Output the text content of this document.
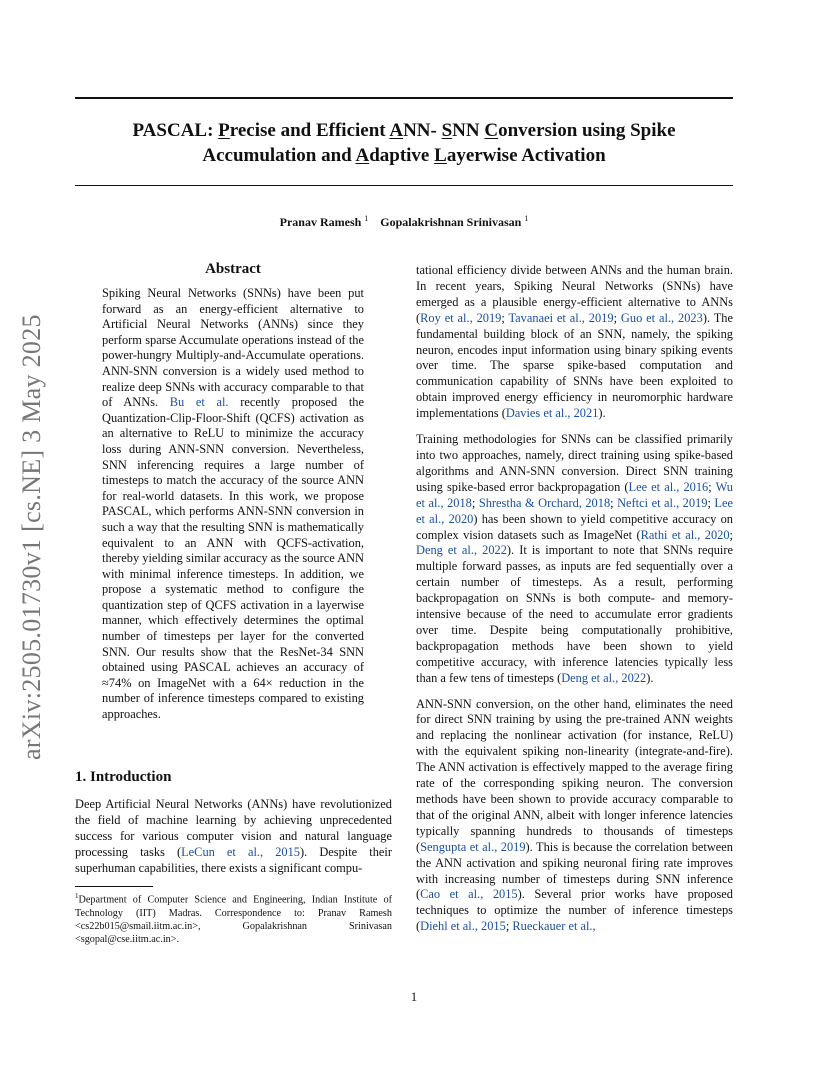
PASCAL: Precise and Efficient ANN- SNN Conversion using Spike
Accumulation and Adaptive Layerwise Activation
Pranav Ramesh $^1$ Gopalakrishnan Srinivasan $^1$
arXiv:2505.01730v1 [cs.NE] 3 May 2025
Abstract
Spiking Neural Networks (SNNs) have been put forward as an energy-efficient alternative to Artificial Neural Networks (ANNs) since they perform sparse Accumulate operations instead of the power-hungry Multiply-and-Accumulate operations. ANN-SNN conversion is a widely used method to realize deep SNNs with accuracy comparable to that of ANNs. Bu et al. recently proposed the Quantization-Clip-Floor-Shift (QCFS) activation as an alternative to ReLU to minimize the accuracy loss during ANN-SNN conversion. Nevertheless, SNN inferencing requires a large number of timesteps to match the accuracy of the source ANN for real-world datasets. In this work, we propose PASCAL, which performs ANN-SNN conversion in such a way that the resulting SNN is mathematically equivalent to an ANN with QCFS-activation, thereby yielding similar accuracy as the source ANN with minimal inference timesteps. In addition, we propose a systematic method to configure the quantization step of QCFS activation in a layerwise manner, which effectively determines the optimal number of timesteps per layer for the converted SNN. Our results show that the ResNet-34 SNN obtained using PASCAL achieves an accuracy of ≈74% on ImageNet with a 64× reduction in the number of inference timesteps compared to existing approaches.
1. Introduction
Deep Artificial Neural Networks (ANNs) have revolutionized the field of machine learning by achieving unprecedented success for various computer vision and natural language processing tasks (LeCun et al., 2015). Despite their superhuman capabilities, there exists a significant compu-
$^1$Department of Computer Science and Engineering, Indian Institute of Technology (IIT) Madras. Correspondence to: Pranav Ramesh <cs22b015@smail.iitm.ac.in>, Gopalakrishnan Srinivasan <sgopal@cse.iitm.ac.in>.

tational efficiency divide between ANNs and the human brain. In recent years, Spiking Neural Networks (SNNs) have emerged as a plausible energy-efficient alternative to ANNs (Roy et al., 2019; Tavanaei et al., 2019; Guo et al., 2023). The fundamental building block of an SNN, namely, the spiking neuron, encodes input information using binary spiking events over time. The sparse spike-based computation and communication capability of SNNs have been exploited to obtain improved energy efficiency in neuromorphic hardware implementations (Davies et al., 2021).

Training methodologies for SNNs can be classified primarily into two approaches, namely, direct training using spike-based algorithms and ANN-SNN conversion. Direct SNN training using spike-based error backpropagation (Lee et al., 2016; Wu et al., 2018; Shrestha & Orchard, 2018; Neftci et al., 2019; Lee et al., 2020) has been shown to yield competitive accuracy on complex vision datasets such as ImageNet (Rathi et al., 2020; Deng et al., 2022). It is important to note that SNNs require multiple forward passes, as inputs are fed sequentially over a certain number of timesteps. As a result, performing backpropagation on SNNs is both compute- and memory-intensive because of the need to accumulate error gradients over time. Despite being computationally prohibitive, backpropagation methods have been shown to yield competitive accuracy, with inference latencies typically less than a few tens of timesteps (Deng et al., 2022).

ANN-SNN conversion, on the other hand, eliminates the need for direct SNN training by using the pre-trained ANN weights and replacing the nonlinear activation (for instance, ReLU) with the equivalent spiking non-linearity (integrate-and-fire). The ANN activation is effectively mapped to the average firing rate of the corresponding spiking neuron. The conversion methods have been shown to provide accuracy comparable to that of the original ANN, albeit with longer inference latencies typically spanning hundreds to thousands of timesteps (Sengupta et al., 2019). This is because the correlation between the ANN activation and spiking neuronal firing rate improves with increasing number of timesteps during SNN inference (Cao et al., 2015). Several prior works have proposed techniques to optimize the number of inference timesteps (Diehl et al., 2015; Rueckauer et al.,

1
